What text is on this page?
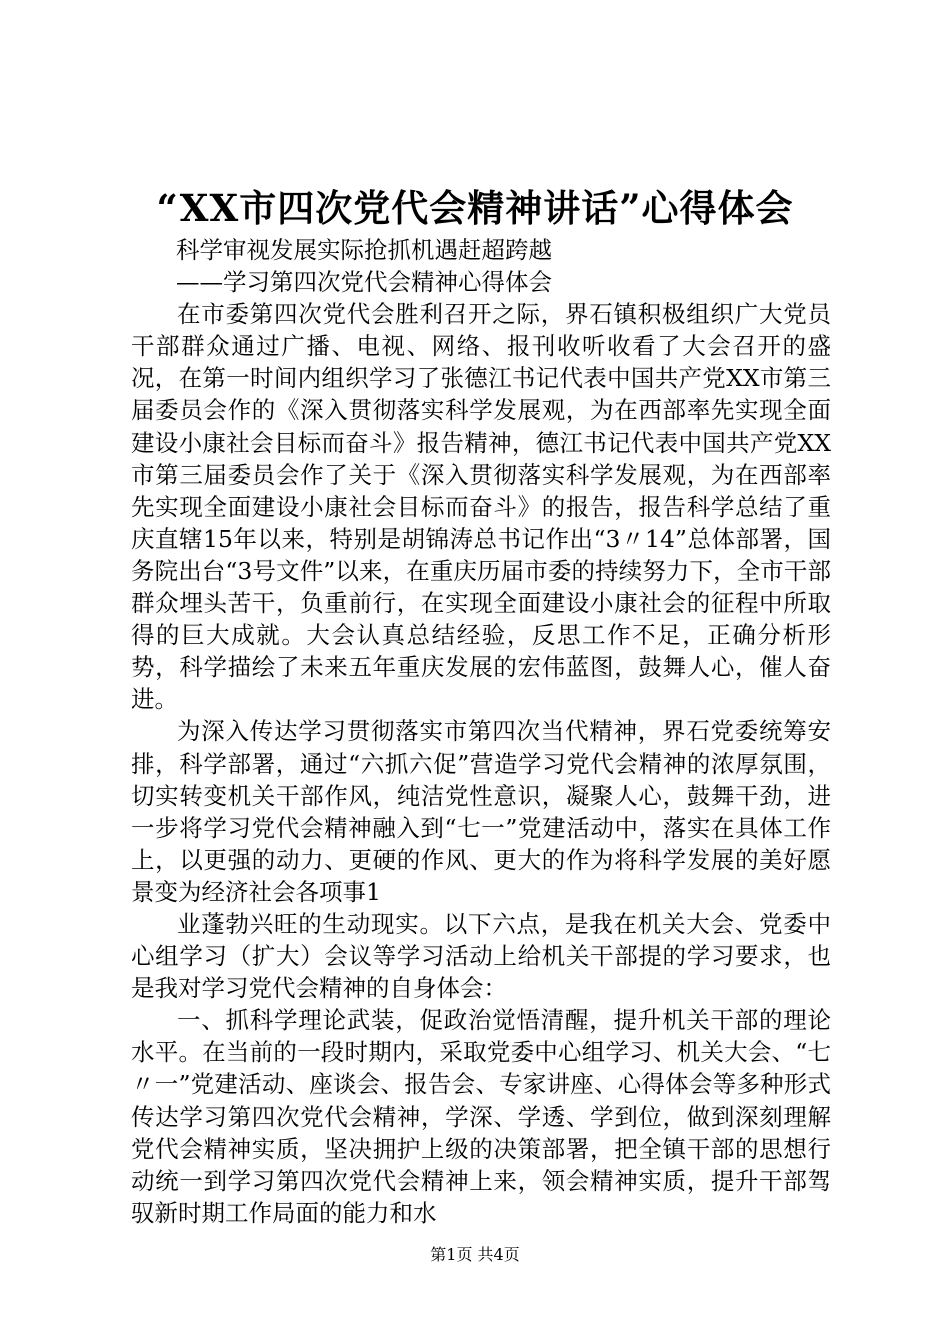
“XX市四次党代会精神讲话”心得体会

科学审视发展实际抢抓机遇赶超跨越

——学习第四次党代会精神心得体会

在市委第四次党代会胜利召开之际，界石镇积极组织广大党员干部群众通过广播、电视、网络、报刊收听收看了大会召开的盛况，在第一时间内组织学习了张德江书记代表中国共产党XX市第三届委员会作的《深入贯彻落实科学发展观，为在西部率先实现全面建设小康社会目标而奋斗》报告精神，德江书记代表中国共产党XX市第三届委员会作了关于《深入贯彻落实科学发展观，为在西部率先实现全面建设小康社会目标而奋斗》的报告，报告科学总结了重庆直辖15年以来，特别是胡锦涛总书记作出“3〃14”总体部署，国务院出台“3号文件”以来，在重庆历届市委的持续努力下，全市干部群众埋头苦干，负重前行，在实现全面建设小康社会的征程中所取得的巨大成就。大会认真总结经验，反思工作不足，正确分析形势，科学描绘了未来五年重庆发展的宏伟蓝图，鼓舞人心，催人奋进。

为深入传达学习贯彻落实市第四次当代精神，界石党委统筹安排，科学部署，通过“六抓六促”营造学习党代会精神的浓厚氛围，切实转变机关干部作风，纯洁党性意识，凝聚人心，鼓舞干劲，进一步将学习党代会精神融入到“七一”党建活动中，落实在具体工作上，以更强的动力、更硬的作风、更大的作为将科学发展的美好愿景变为经济社会各项事1

业蓬勃兴旺的生动现实。以下六点，是我在机关大会、党委中心组学习（扩大）会议等学习活动上给机关干部提的学习要求，也是我对学习党代会精神的自身体会：

一、抓科学理论武装，促政治觉悟清醒，提升机关干部的理论水平。在当前的一段时期内，采取党委中心组学习、机关大会、“七〃一”党建活动、座谈会、报告会、专家讲座、心得体会等多种形式传达学习第四次党代会精神，学深、学透、学到位，做到深刻理解党代会精神实质，坚决拥护上级的决策部署，把全镇干部的思想行动统一到学习第四次党代会精神上来，领会精神实质，提升干部驾驭新时期工作局面的能力和水

第1页 共4页
